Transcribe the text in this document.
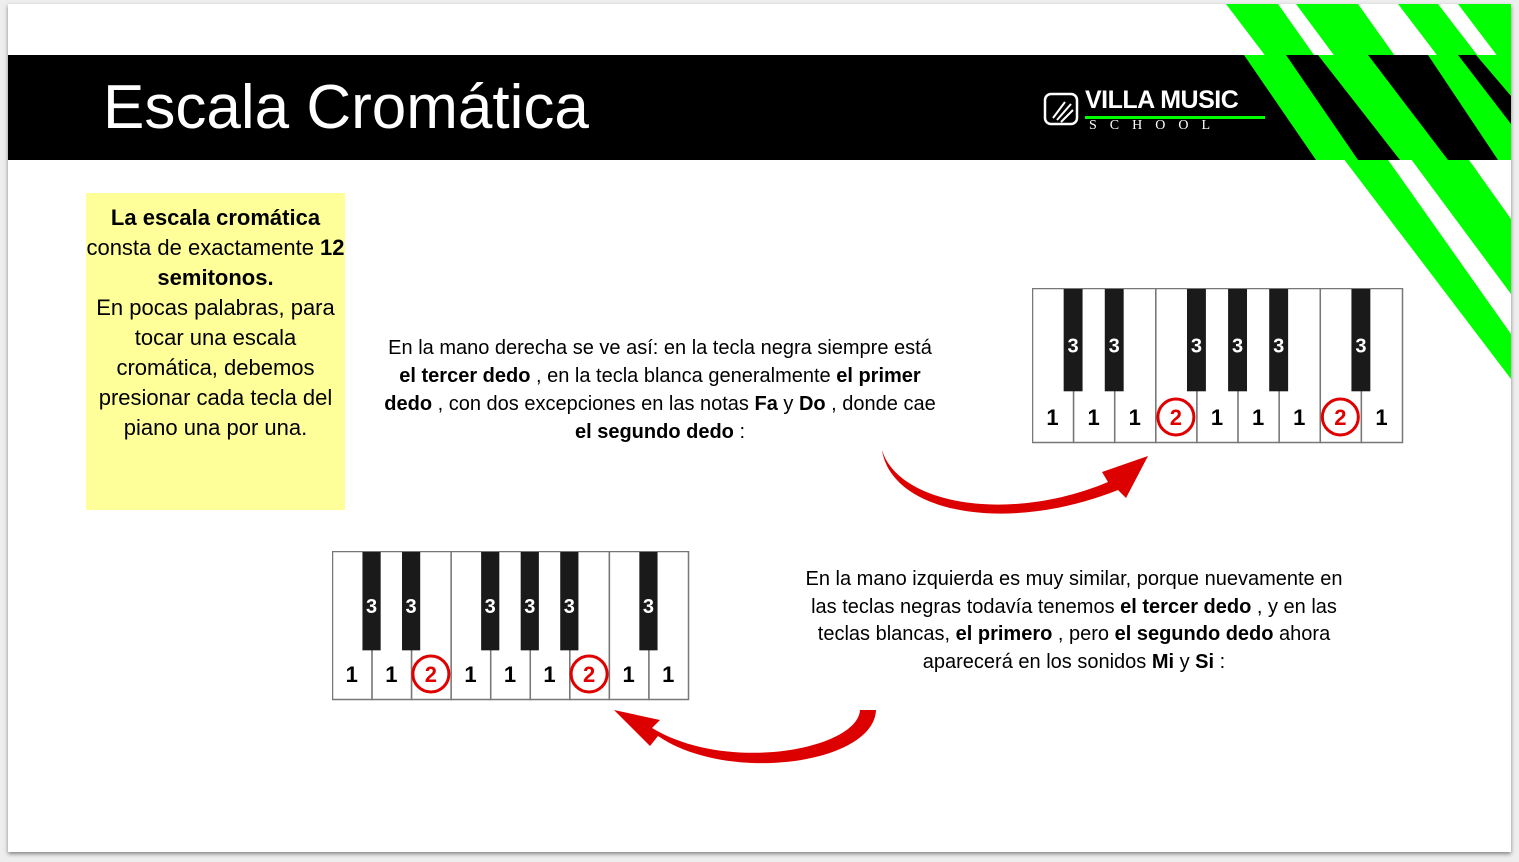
Escala Cromática	VILLA MUSIC
SCHOOL
La escala cromática consta de exactamente 12 semitonos.
En pocas palabras, para tocar una escala cromática, debemos presionar cada tecla del piano una por una.
En la mano derecha se ve así: en la tecla negra siempre está el tercer dedo , en la tecla blanca generalmente el primer dedo , con dos excepciones en las notas Fa y Do , donde cae el segundo dedo :
En la mano izquierda es muy similar, porque nuevamente en las teclas negras todavía tenemos el tercer dedo , y en las teclas blancas, el primero , pero el segundo dedo ahora aparecerá en los sonidos Mi y Si :
1 1 1 2 1 1 1 2 1
3 3	3 3 3	3
1 1 2 1 1 1 2 1 1
3 3	3 3 3	3
